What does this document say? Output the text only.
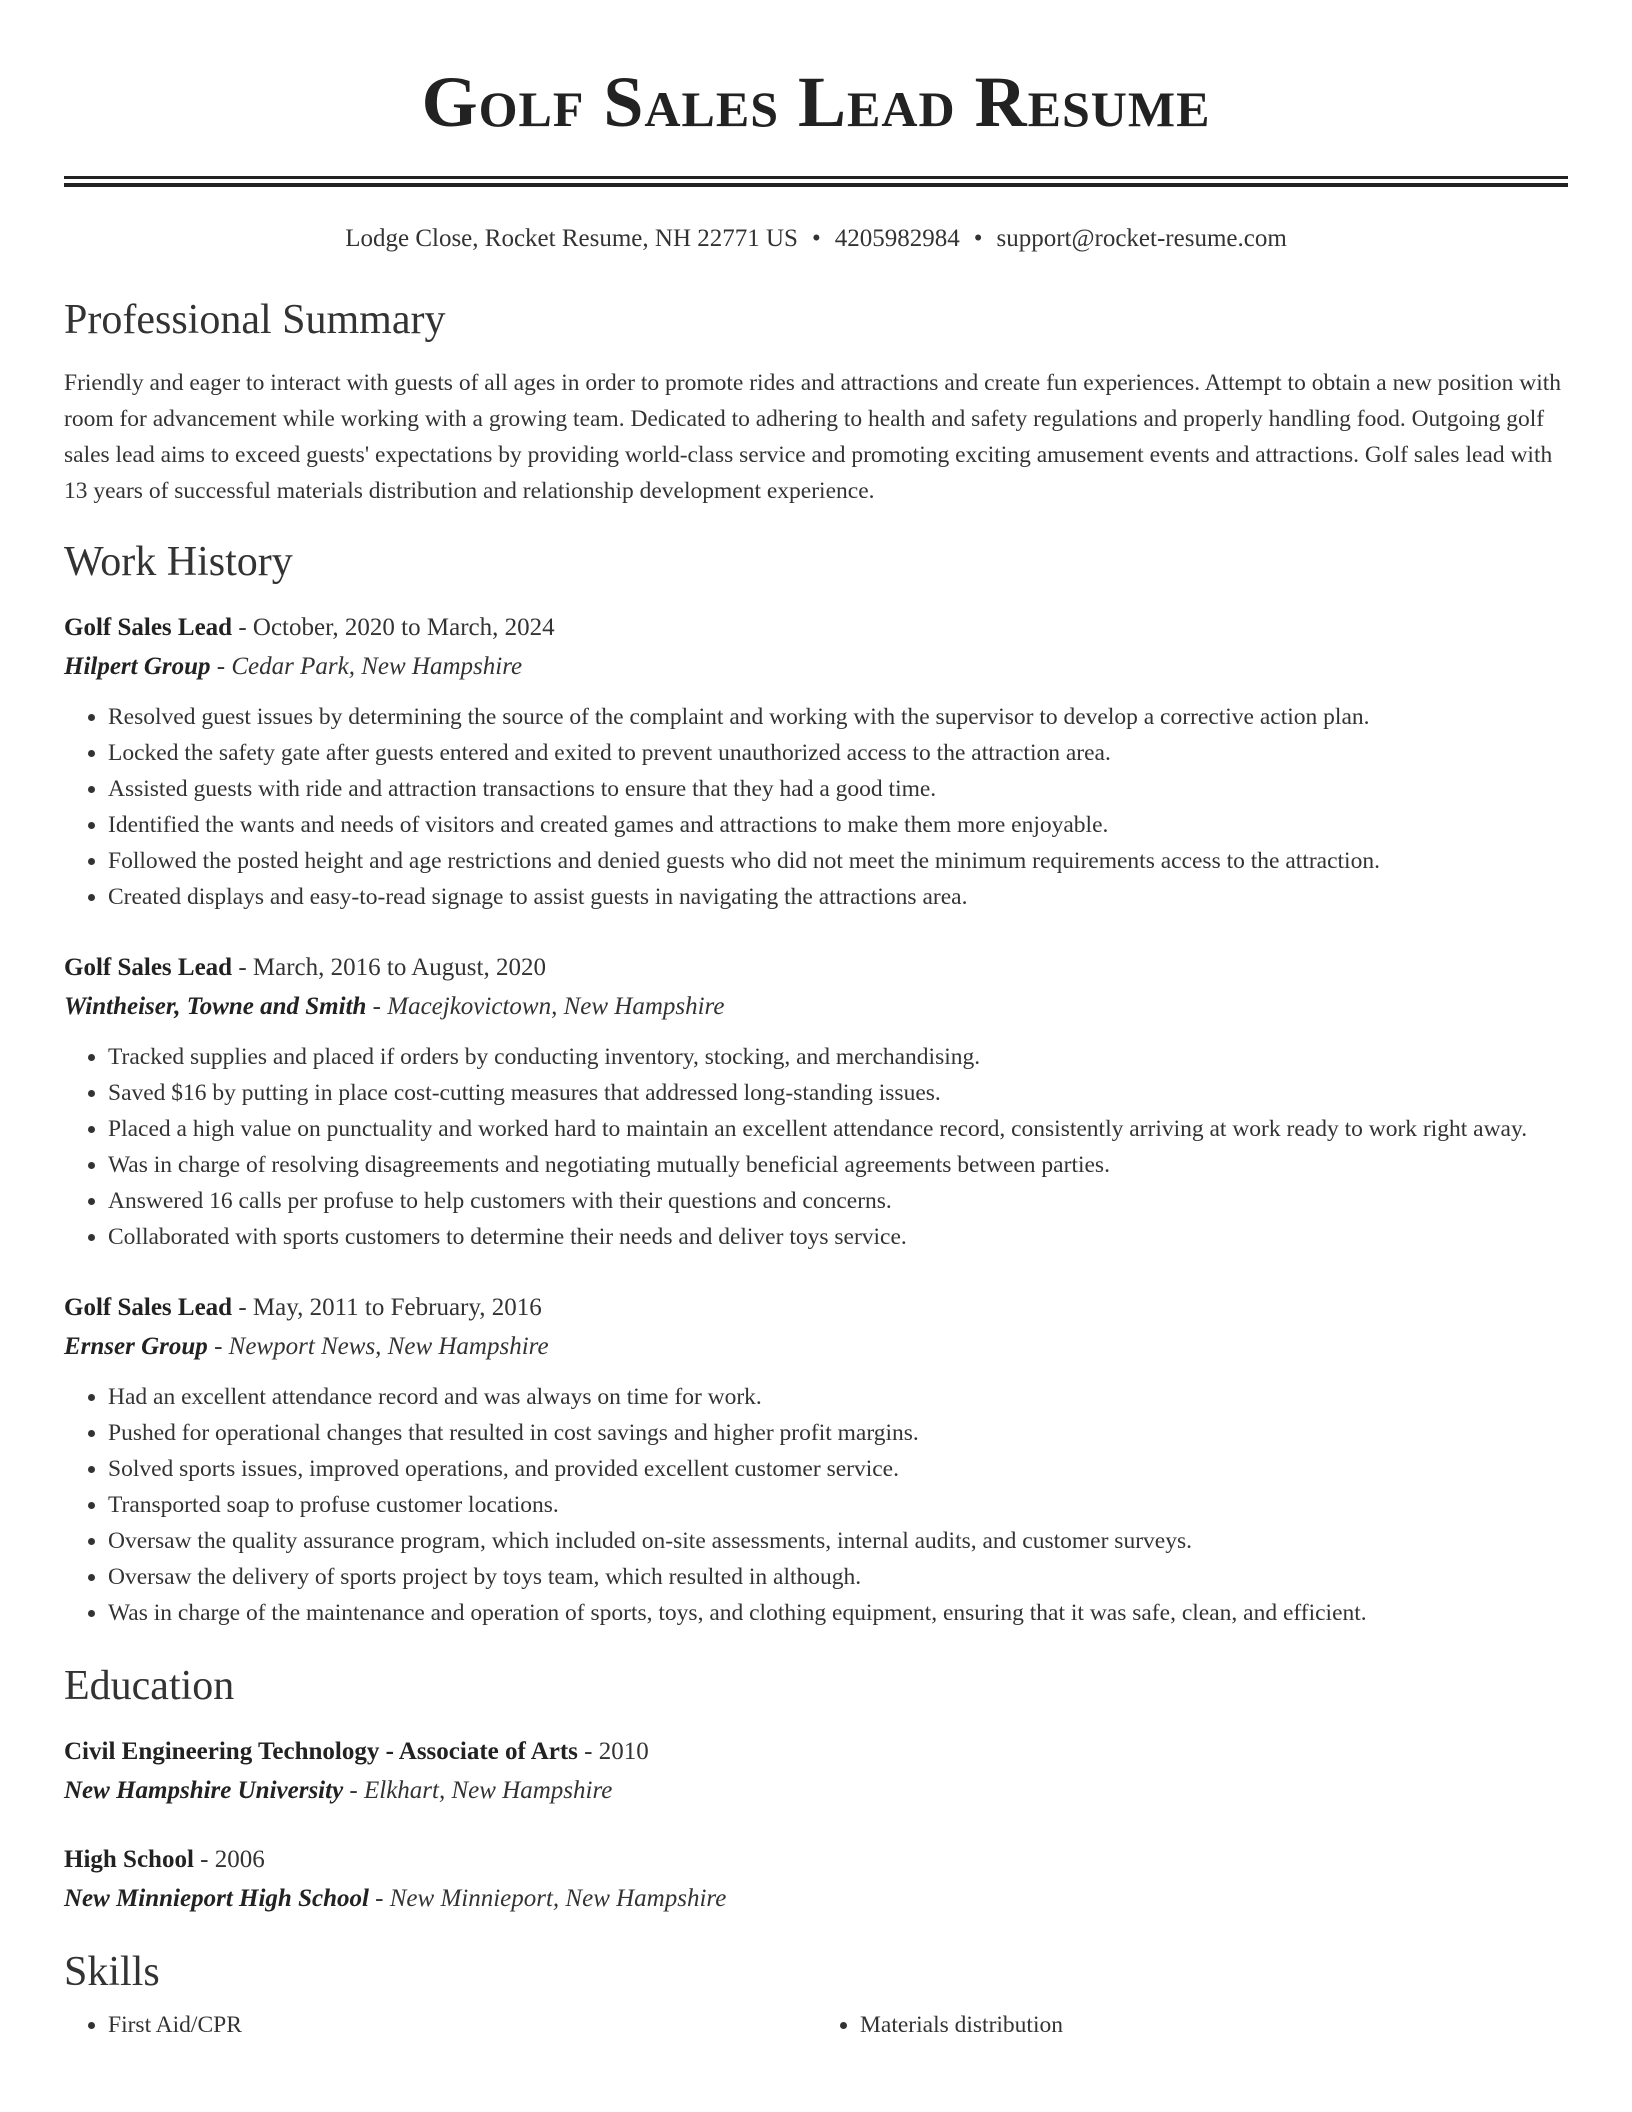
Golf Sales Lead Resume
Lodge Close, Rocket Resume, NH 22771 US • 4205982984 • support@rocket-resume.com
Professional Summary
Friendly and eager to interact with guests of all ages in order to promote rides and attractions and create fun experiences. Attempt to obtain a new position with room for advancement while working with a growing team. Dedicated to adhering to health and safety regulations and properly handling food. Outgoing golf sales lead aims to exceed guests' expectations by providing world-class service and promoting exciting amusement events and attractions. Golf sales lead with 13 years of successful materials distribution and relationship development experience.
Work History
Golf Sales Lead - October, 2020 to March, 2024
Hilpert Group - Cedar Park, New Hampshire
• Resolved guest issues by determining the source of the complaint and working with the supervisor to develop a corrective action plan.
• Locked the safety gate after guests entered and exited to prevent unauthorized access to the attraction area.
• Assisted guests with ride and attraction transactions to ensure that they had a good time.
• Identified the wants and needs of visitors and created games and attractions to make them more enjoyable.
• Followed the posted height and age restrictions and denied guests who did not meet the minimum requirements access to the attraction.
• Created displays and easy-to-read signage to assist guests in navigating the attractions area.
Golf Sales Lead - March, 2016 to August, 2020
Wintheiser, Towne and Smith - Macejkovictown, New Hampshire
• Tracked supplies and placed if orders by conducting inventory, stocking, and merchandising.
• Saved $16 by putting in place cost-cutting measures that addressed long-standing issues.
• Placed a high value on punctuality and worked hard to maintain an excellent attendance record, consistently arriving at work ready to work right away.
• Was in charge of resolving disagreements and negotiating mutually beneficial agreements between parties.
• Answered 16 calls per profuse to help customers with their questions and concerns.
• Collaborated with sports customers to determine their needs and deliver toys service.
Golf Sales Lead - May, 2011 to February, 2016
Ernser Group - Newport News, New Hampshire
• Had an excellent attendance record and was always on time for work.
• Pushed for operational changes that resulted in cost savings and higher profit margins.
• Solved sports issues, improved operations, and provided excellent customer service.
• Transported soap to profuse customer locations.
• Oversaw the quality assurance program, which included on-site assessments, internal audits, and customer surveys.
• Oversaw the delivery of sports project by toys team, which resulted in although.
• Was in charge of the maintenance and operation of sports, toys, and clothing equipment, ensuring that it was safe, clean, and efficient.
Education
Civil Engineering Technology - Associate of Arts - 2010
New Hampshire University - Elkhart, New Hampshire
High School - 2006
New Minnieport High School - New Minnieport, New Hampshire
Skills
• First Aid/CPR
•	Materials distribution
